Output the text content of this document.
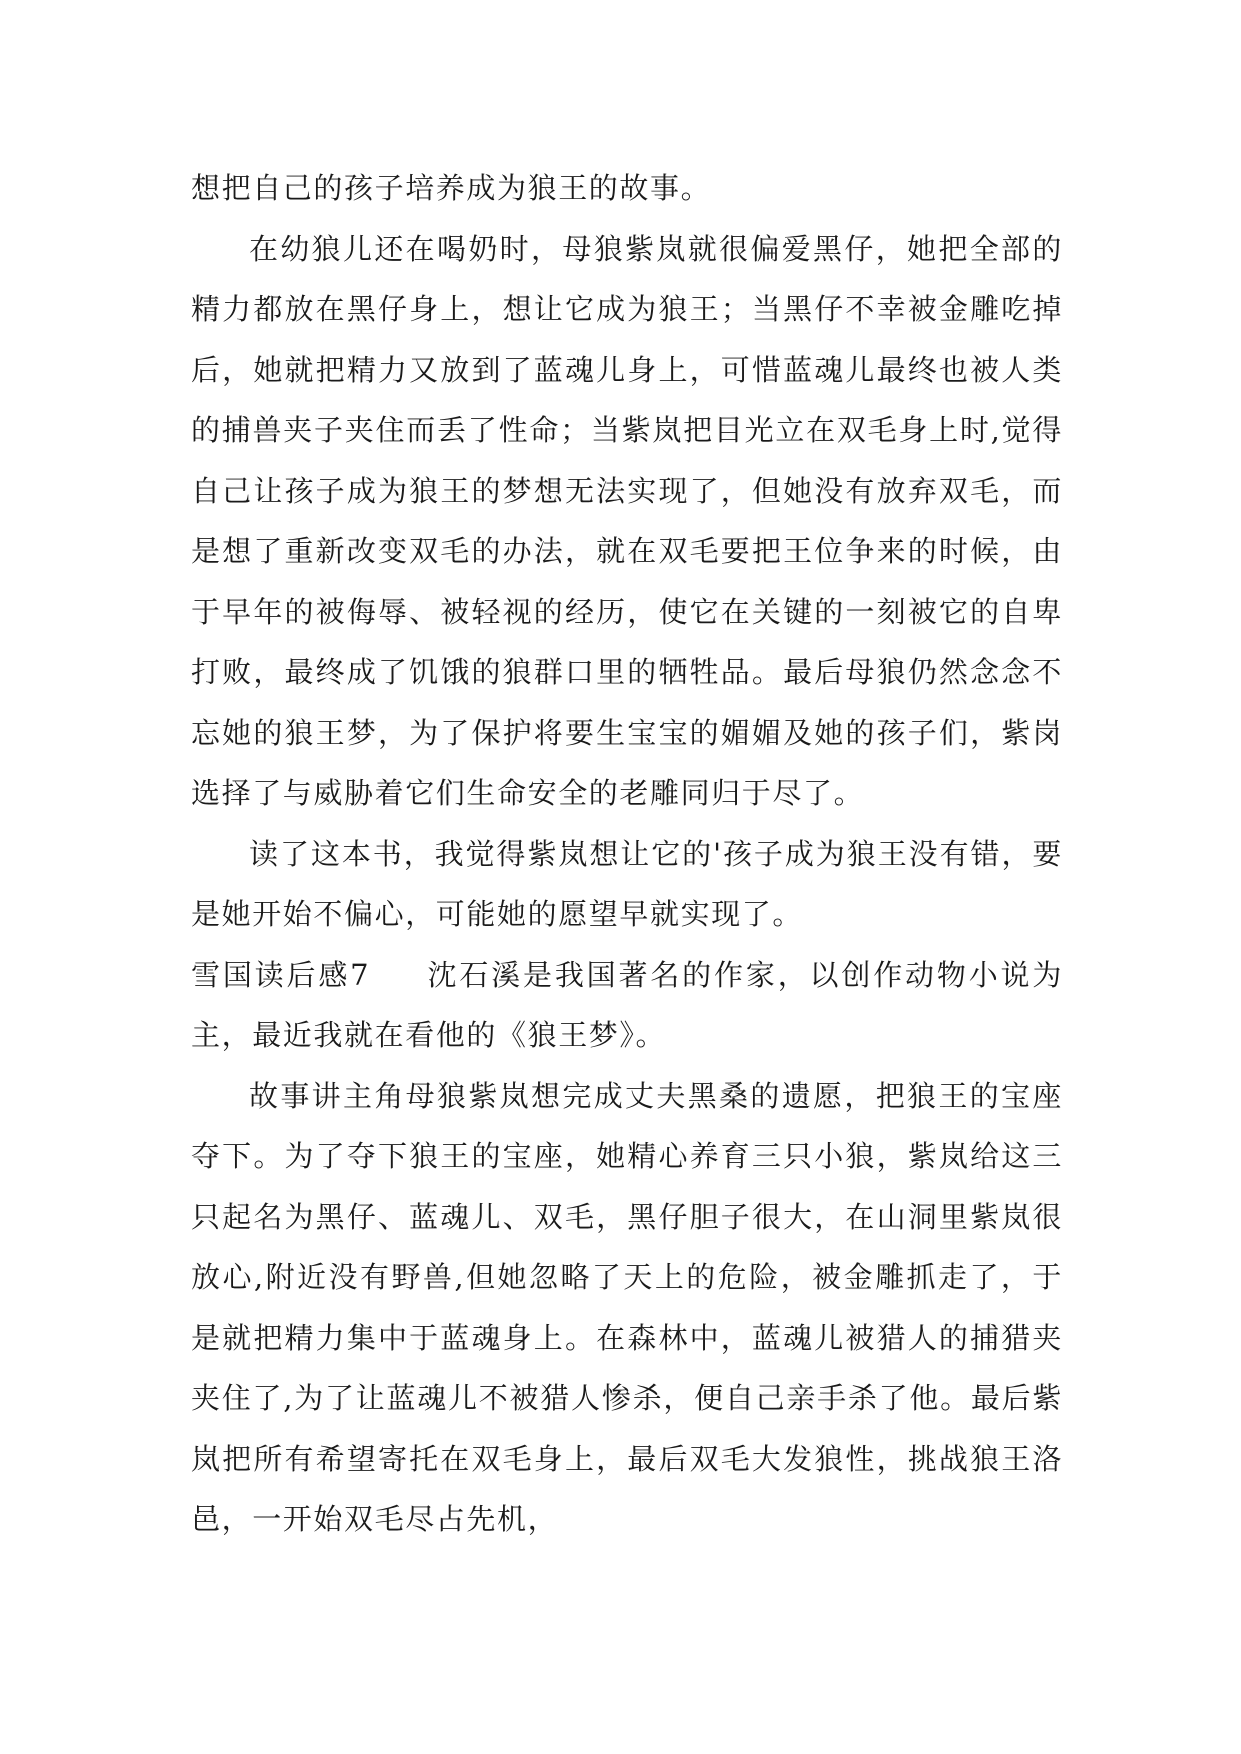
想把自己的孩子培养成为狼王的故事。

在幼狼儿还在喝奶时，母狼紫岚就很偏爱黑仔，她把全部的精力都放在黑仔身上，想让它成为狼王；当黑仔不幸被金雕吃掉后，她就把精力又放到了蓝魂儿身上，可惜蓝魂儿最终也被人类的捕兽夹子夹住而丢了性命；当紫岚把目光立在双毛身上时,觉得自己让孩子成为狼王的梦想无法实现了，但她没有放弃双毛，而是想了重新改变双毛的办法，就在双毛要把王位争来的时候，由于早年的被侮辱、被轻视的经历，使它在关键的一刻被它的自卑打败，最终成了饥饿的狼群口里的牺牲品。最后母狼仍然念念不忘她的狼王梦，为了保护将要生宝宝的媚媚及她的孩子们，紫岗选择了与威胁着它们生命安全的老雕同归于尽了。

读了这本书，我觉得紫岚想让它的'孩子成为狼王没有错，要是她开始不偏心，可能她的愿望早就实现了。

雪国读后感7 沈石溪是我国著名的作家，以创作动物小说为主，最近我就在看他的《狼王梦》。

故事讲主角母狼紫岚想完成丈夫黑桑的遗愿，把狼王的宝座夺下。为了夺下狼王的宝座，她精心养育三只小狼，紫岚给这三只起名为黑仔、蓝魂儿、双毛，黑仔胆子很大，在山洞里紫岚很放心,附近没有野兽,但她忽略了天上的危险，被金雕抓走了，于是就把精力集中于蓝魂身上。在森林中，蓝魂儿被猎人的捕猎夹夹住了,为了让蓝魂儿不被猎人惨杀，便自己亲手杀了他。最后紫岚把所有希望寄托在双毛身上，最后双毛大发狼性，挑战狼王洛邑，一开始双毛尽占先机，
